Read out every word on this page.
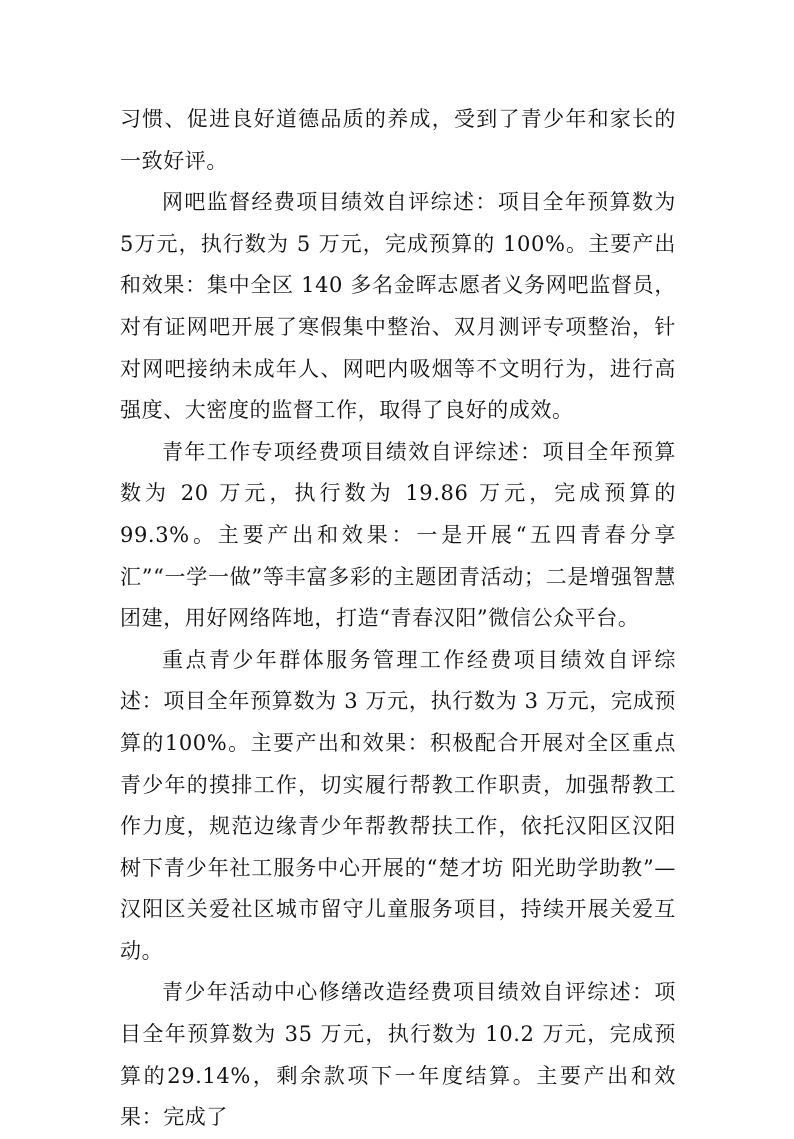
习惯、促进良好道德品质的养成，受到了青少年和家长的一致好评。

网吧监督经费项目绩效自评综述：项目全年预算数为 5万元，执行数为 5 万元，完成预算的 100%。主要产出和效果：集中全区 140 多名金晖志愿者义务网吧监督员，对有证网吧开展了寒假集中整治、双月测评专项整治，针对网吧接纳未成年人、网吧内吸烟等不文明行为，进行高强度、大密度的监督工作，取得了良好的成效。

青年工作专项经费项目绩效自评综述：项目全年预算数为 20 万元，执行数为 19.86 万元，完成预算的 99.3%。主要产出和效果：一是开展“五四青春分享汇”“一学一做”等丰富多彩的主题团青活动；二是增强智慧团建，用好网络阵地，打造“青春汉阳”微信公众平台。

重点青少年群体服务管理工作经费项目绩效自评综述：项目全年预算数为 3 万元，执行数为 3 万元，完成预算的100%。主要产出和效果：积极配合开展对全区重点青少年的摸排工作，切实履行帮教工作职责，加强帮教工作力度，规范边缘青少年帮教帮扶工作，依托汉阳区汉阳树下青少年社工服务中心开展的“楚才坊 阳光助学助教”—汉阳区关爱社区城市留守儿童服务项目，持续开展关爱互动。

青少年活动中心修缮改造经费项目绩效自评综述：项目全年预算数为 35 万元，执行数为 10.2 万元，完成预算的29.14%，剩余款项下一年度结算。主要产出和效果：完成了
